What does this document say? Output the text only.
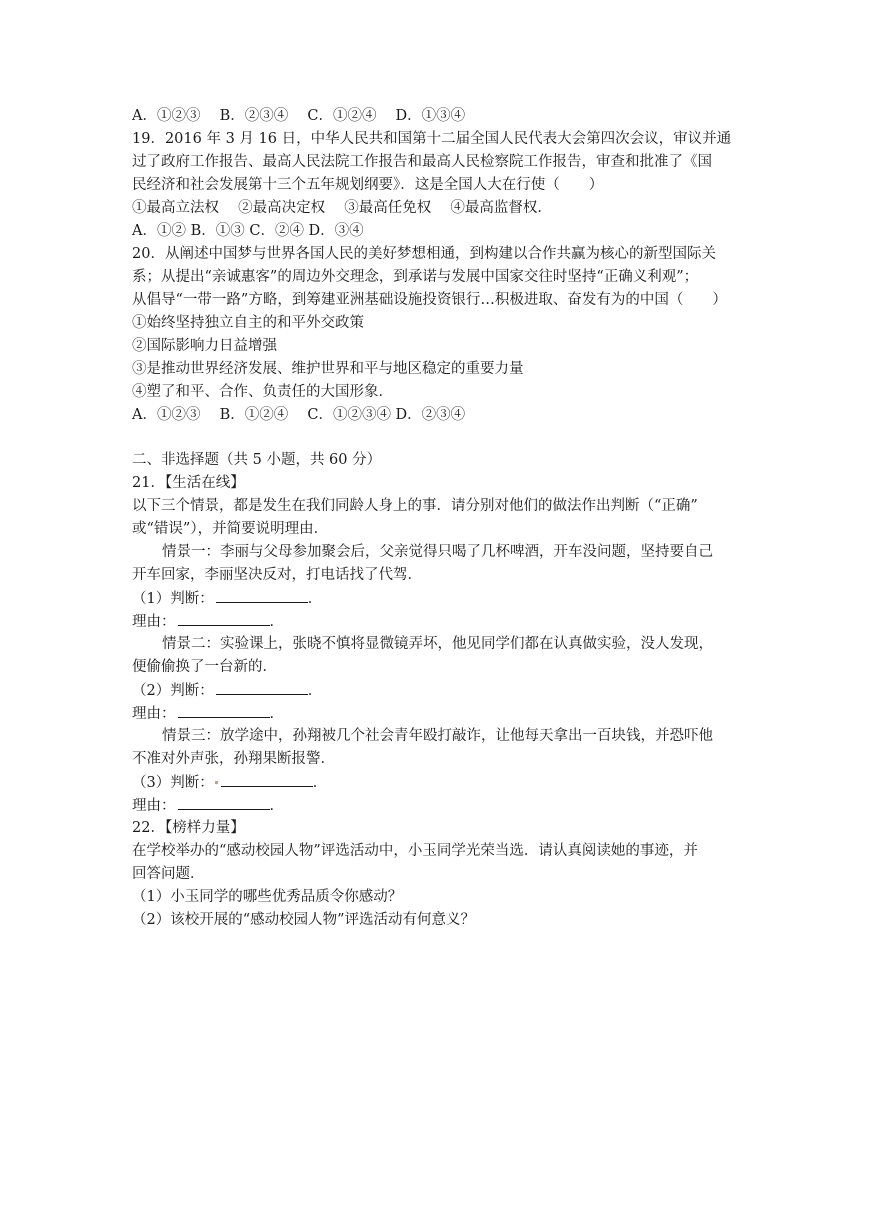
A．①②③　 B．②③④　 C．①②④　 D．①③④
19．2016 年 3 月 16 日，中华人民共和国第十二届全国人民代表大会第四次会议，审议并通
过了政府工作报告、最高人民法院工作报告和最高人民检察院工作报告，审查和批准了《国
民经济和社会发展第十三个五年规划纲要》．这是全国人大在行使（　　）
①最高立法权　 ②最高决定权　 ③最高任免权　 ④最高监督权．
A．①② B．①③ C．②④ D．③④
20．从阐述中国梦与世界各国人民的美好梦想相通，到构建以合作共赢为核心的新型国际关
系；从提出“亲诚惠客”的周边外交理念，到承诺与发展中国家交往时坚持“正确义利观”；
从倡导“一带一路”方略，到筹建亚洲基础设施投资银行…积极进取、奋发有为的中国（　　）
①始终坚持独立自主的和平外交政策
②国际影响力日益增强
③是推动世界经济发展、维护世界和平与地区稳定的重要力量
④塑了和平、合作、负责任的大国形象．
A．①②③　 B．①②④　 C．①②③④ D．②③④
二、非选择题（共 5 小题，共 60 分）
21．【生活在线】
以下三个情景，都是发生在我们同龄人身上的事．请分别对他们的做法作出判断（“正确”
或“错误”），并简要说明理由．
情景一：李丽与父母参加聚会后，父亲觉得只喝了几杯啤酒，开车没问题，坚持要自己
开车回家，李丽坚决反对，打电话找了代驾．
（1）判断：	．
理由：	．
情景二：实验课上，张晓不慎将显微镜弄坏，他见同学们都在认真做实验，没人发现，
便偷偷换了一台新的．
（2）判断：	．
理由：	．
情景三：放学途中，孙翔被几个社会青年殴打敲诈，让他每天拿出一百块钱，并恐吓他
不准对外声张，孙翔果断报警．
（3）判断：	．
理由：	．
22．【榜样力量】
在学校举办的“感动校园人物”评选活动中，小玉同学光荣当选．请认真阅读她的事迹，并
回答问题．
（1）小玉同学的哪些优秀品质令你感动？
（2）该校开展的“感动校园人物”评选活动有何意义？
